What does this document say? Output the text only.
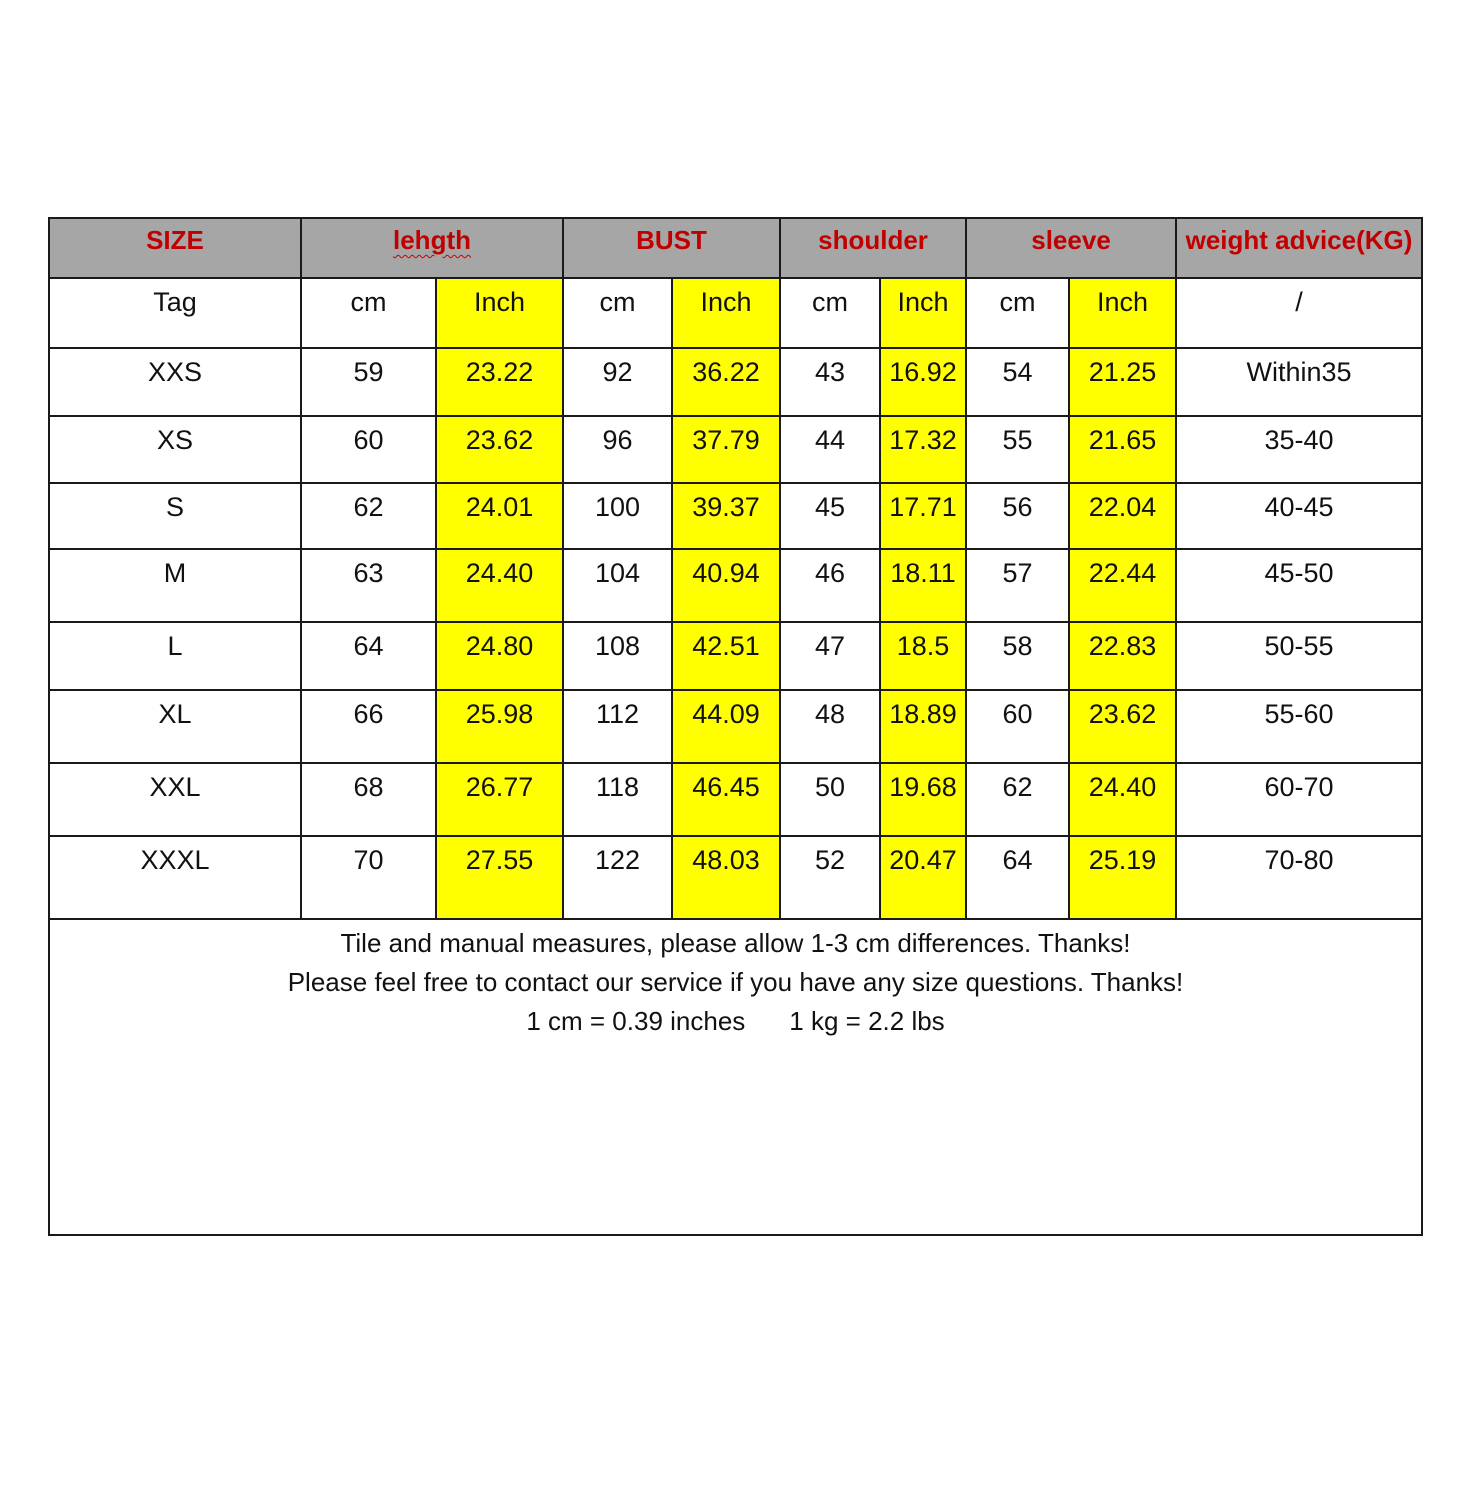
SIZE	lehgth		BUST		shoulder		sleeve		weight advice(KG)
Tag	cm	Inch	cm	Inch	cm	Inch	cm	Inch	/
XXS	59	23.22	92	36.22	43	16.92	54	21.25	Within35
XS	60	23.62	96	37.79	44	17.32	55	21.65	35-40
S	62	24.01	100	39.37	45	17.71	56	22.04	40-45
M	63	24.40	104	40.94	46	18.11	57	22.44	45-50
L	64	24.80	108	42.51	47	18.5	58	22.83	50-55
XL	66	25.98	112	44.09	48	18.89	60	23.62	55-60
XXL	68	26.77	118	46.45	50	19.68	62	24.40	60-70
XXXL	70	27.55	122	48.03	52	20.47	64	25.19	70-80

Tile and manual measures, please allow 1-3 cm differences. Thanks!

Please feel free to contact our service if you have any size questions. Thanks!

1 cm = 0.39 inches 1 kg = 2.2 lbs									
